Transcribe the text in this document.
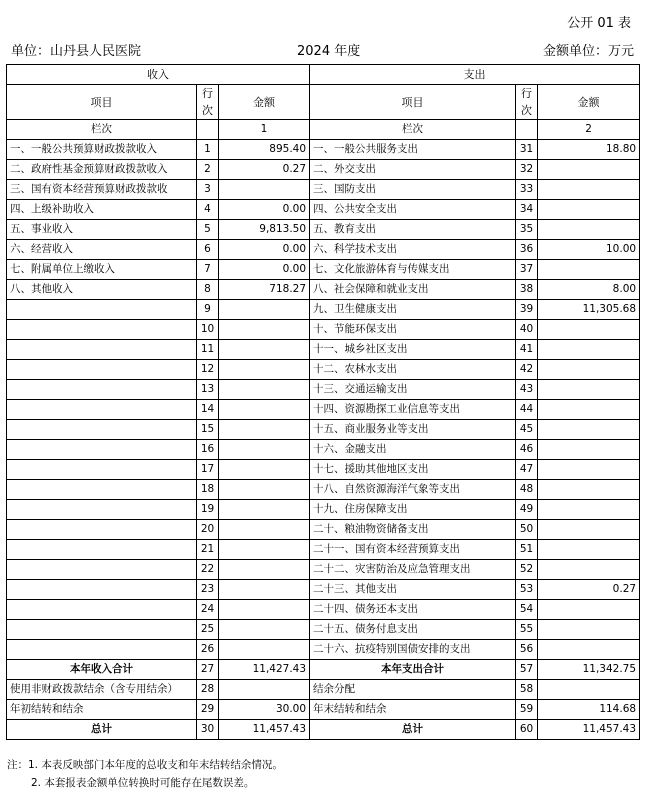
公开 01 表
单位：山丹县人民医院	2024 年度	金额单位：万元
收入			支出		
项目	行次	金额	项目	行次	金额
栏次		1	栏次		2
一、一般公共预算财政拨款收入	1	895.40	一、一般公共服务支出	31	18.80
二、政府性基金预算财政拨款收入	2	0.27	二、外交支出	32	
三、国有资本经营预算财政拨款收	3		三、国防支出	33	
四、上级补助收入	4	0.00	四、公共安全支出	34	
五、事业收入	5	9,813.50	五、教育支出	35	
六、经营收入	6	0.00	六、科学技术支出	36	10.00
七、附属单位上缴收入	7	0.00	七、文化旅游体育与传媒支出	37	
八、其他收入	8	718.27	八、社会保障和就业支出	38	8.00
	9		九、卫生健康支出	39	11,305.68
	10		十、节能环保支出	40	
	11		十一、城乡社区支出	41	
	12		十二、农林水支出	42	
	13		十三、交通运输支出	43	
	14		十四、资源勘探工业信息等支出	44	
	15		十五、商业服务业等支出	45	
	16		十六、金融支出	46	
	17		十七、援助其他地区支出	47	
	18		十八、自然资源海洋气象等支出	48	
	19		十九、住房保障支出	49	
	20		二十、粮油物资储备支出	50	
	21		二十一、国有资本经营预算支出	51	
	22		二十二、灾害防治及应急管理支出	52	
	23		二十三、其他支出	53	0.27
	24		二十四、债务还本支出	54	
	25		二十五、债务付息支出	55	
	26		二十六、抗疫特别国债安排的支出	56	
本年收入合计	27	11,427.43	本年支出合计	57	11,342.75
使用非财政拨款结余（含专用结余）	28		结余分配	58	
年初结转和结余	29	30.00	年末结转和结余	59	114.68
总计	30	11,457.43	总计	60	11,457.43
注：1. 本表反映部门本年度的总收支和年末结转结余情况。
2. 本套报表金额单位转换时可能存在尾数误差。
